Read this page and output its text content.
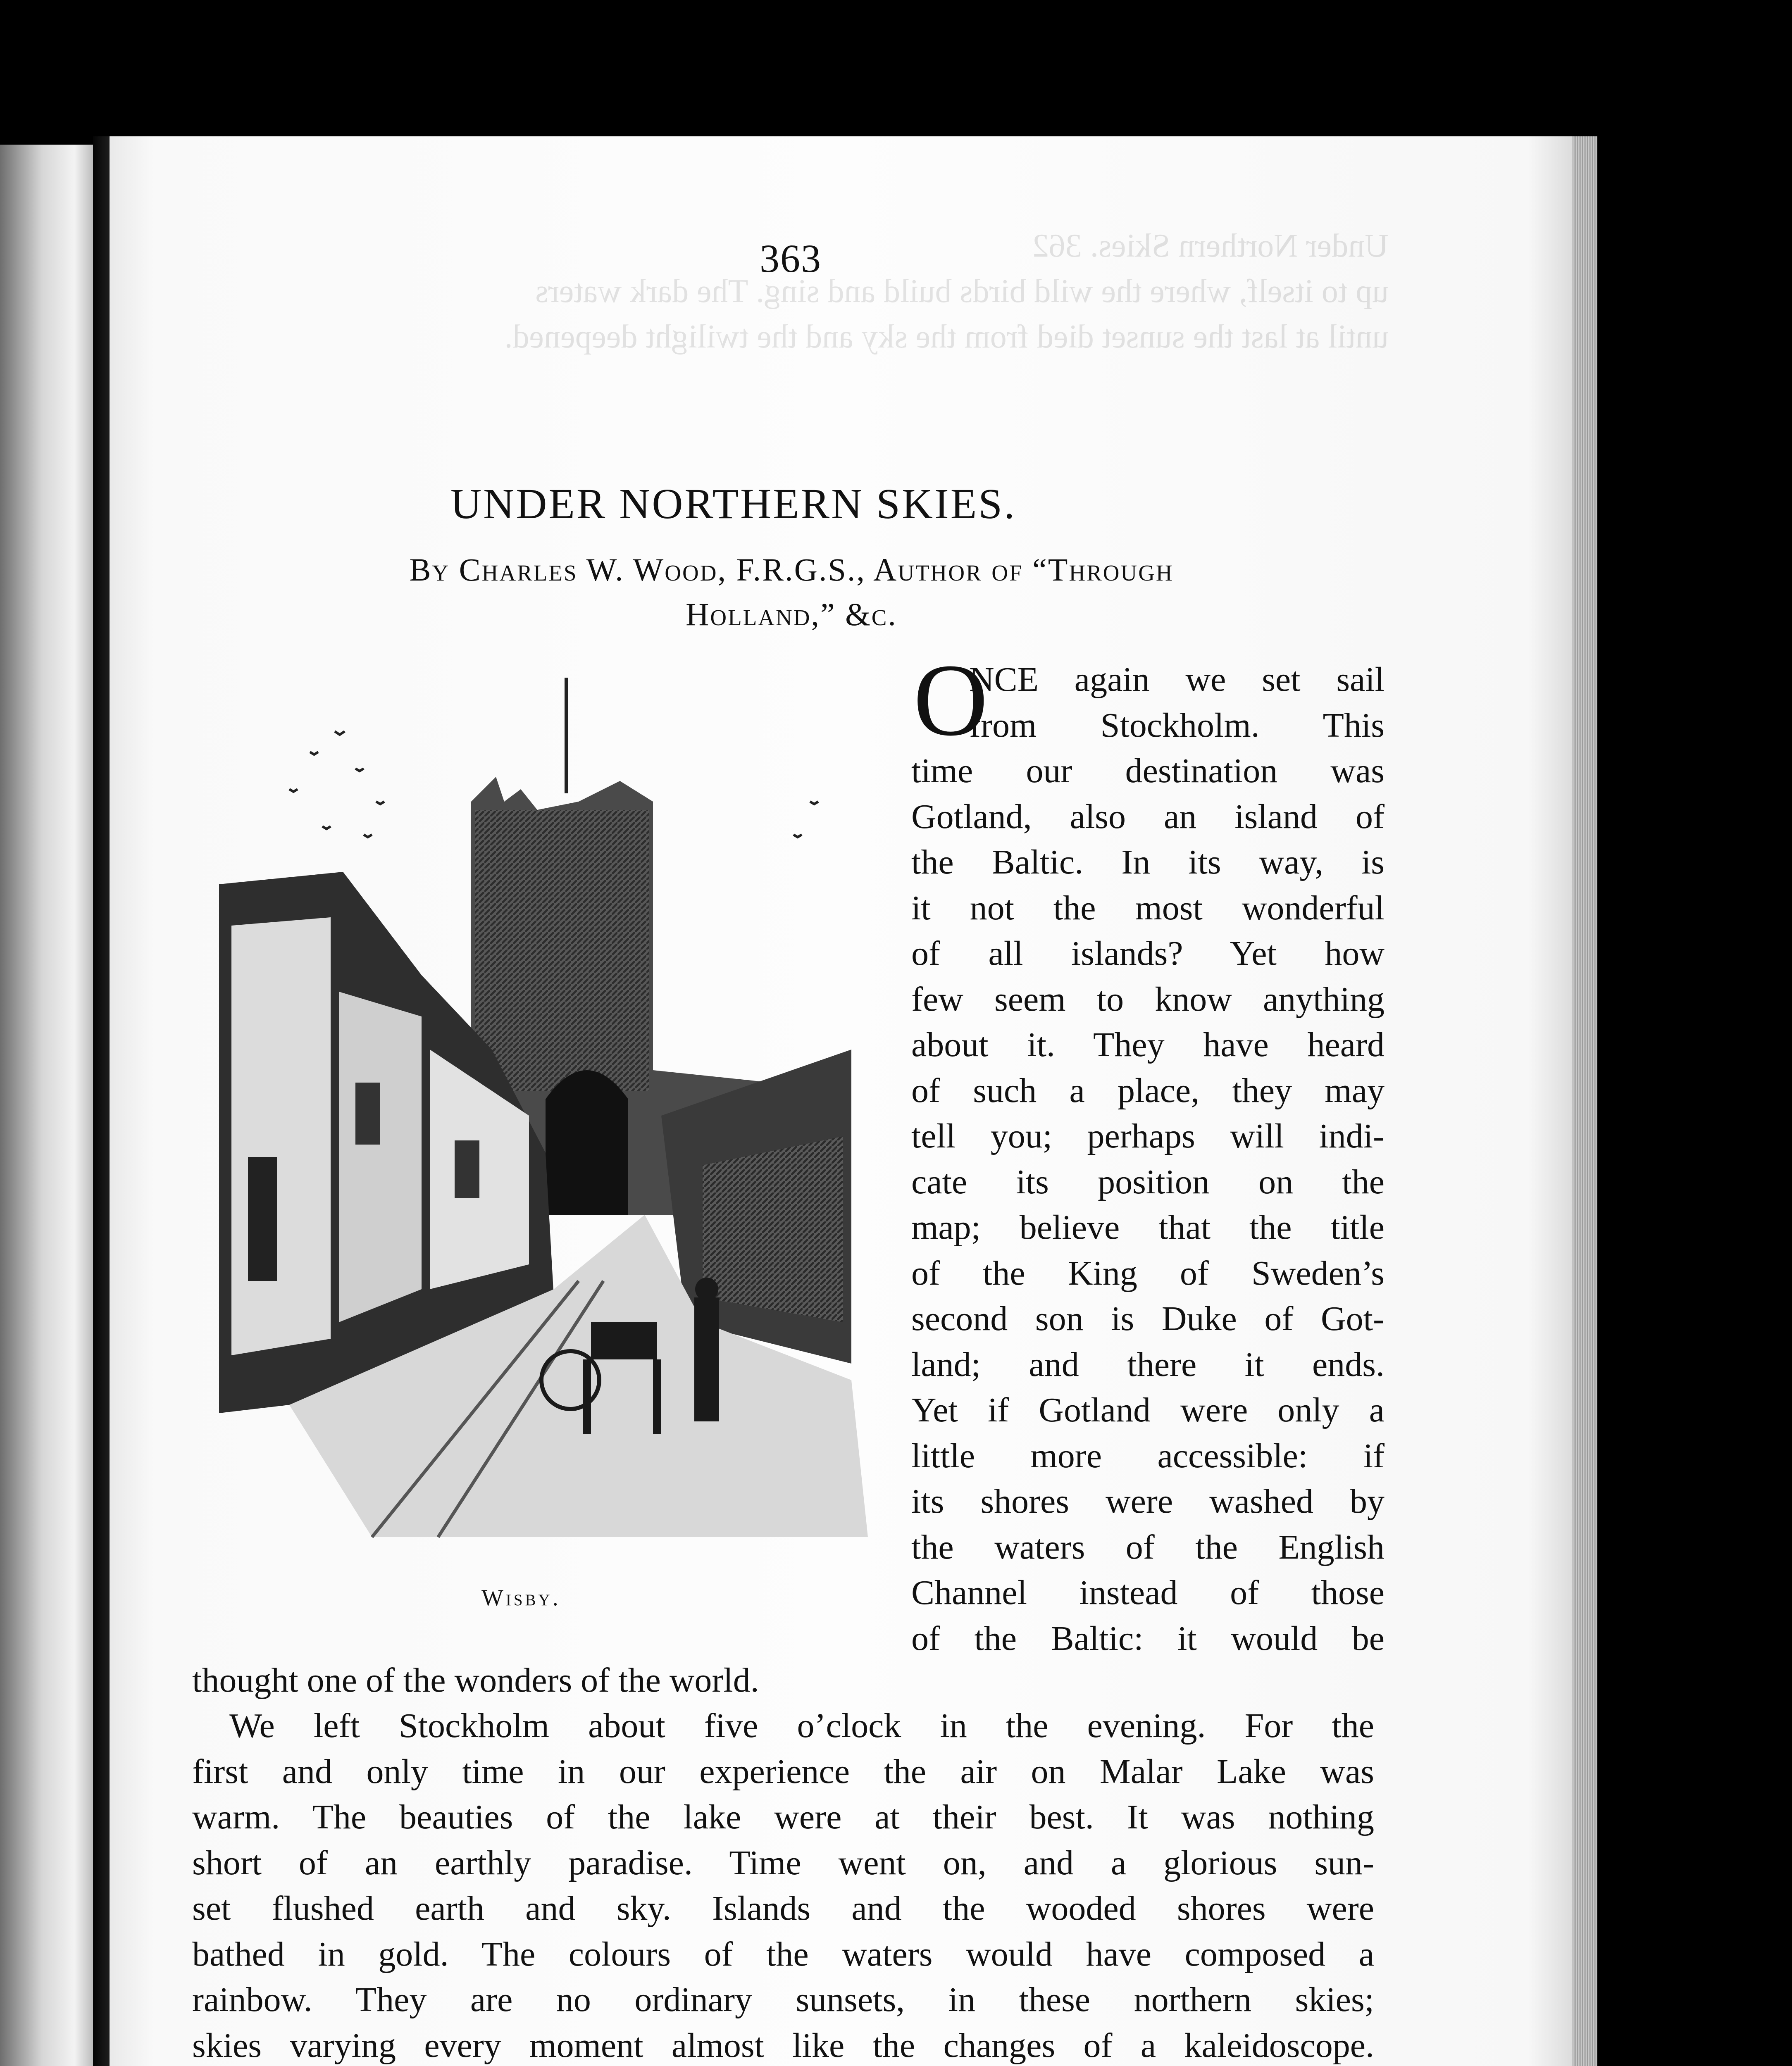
Under Northern Skies. 362
up to itself, where the wild birds build and sing. The dark waters
until at last the sunset died from the sky and the twilight deepened.

363
UNDER NORTHERN SKIES.
By Charles W. Wood, F.R.G.S., Author of “Through
Holland,” &c.
Wisby.
O
NCE again we set sail
from Stockholm. This
time our destination was
Gotland, also an island of
the Baltic. In its way, is
it not the most wonderful
of all islands? Yet how
few seem to know anything
about it. They have heard
of such a place, they may
tell you; perhaps will indi-
cate its position on the
map; believe that the title
of the King of Sweden’s
second son is Duke of Got-
land; and there it ends.
Yet if Gotland were only a
little more accessible: if
its shores were washed by
the waters of the English
Channel instead of those
of the Baltic: it would be
thought one of the wonders of the world.
We left Stockholm about five o’clock in the evening. For the
first and only time in our experience the air on Malar Lake was
warm. The beauties of the lake were at their best. It was nothing
short of an earthly paradise. Time went on, and a glorious sun-
set flushed earth and sky. Islands and the wooded shores were
bathed in gold. The colours of the waters would have composed a
rainbow. They are no ordinary sunsets, in these northern skies;
skies varying every moment almost like the changes of a kaleidoscope.
